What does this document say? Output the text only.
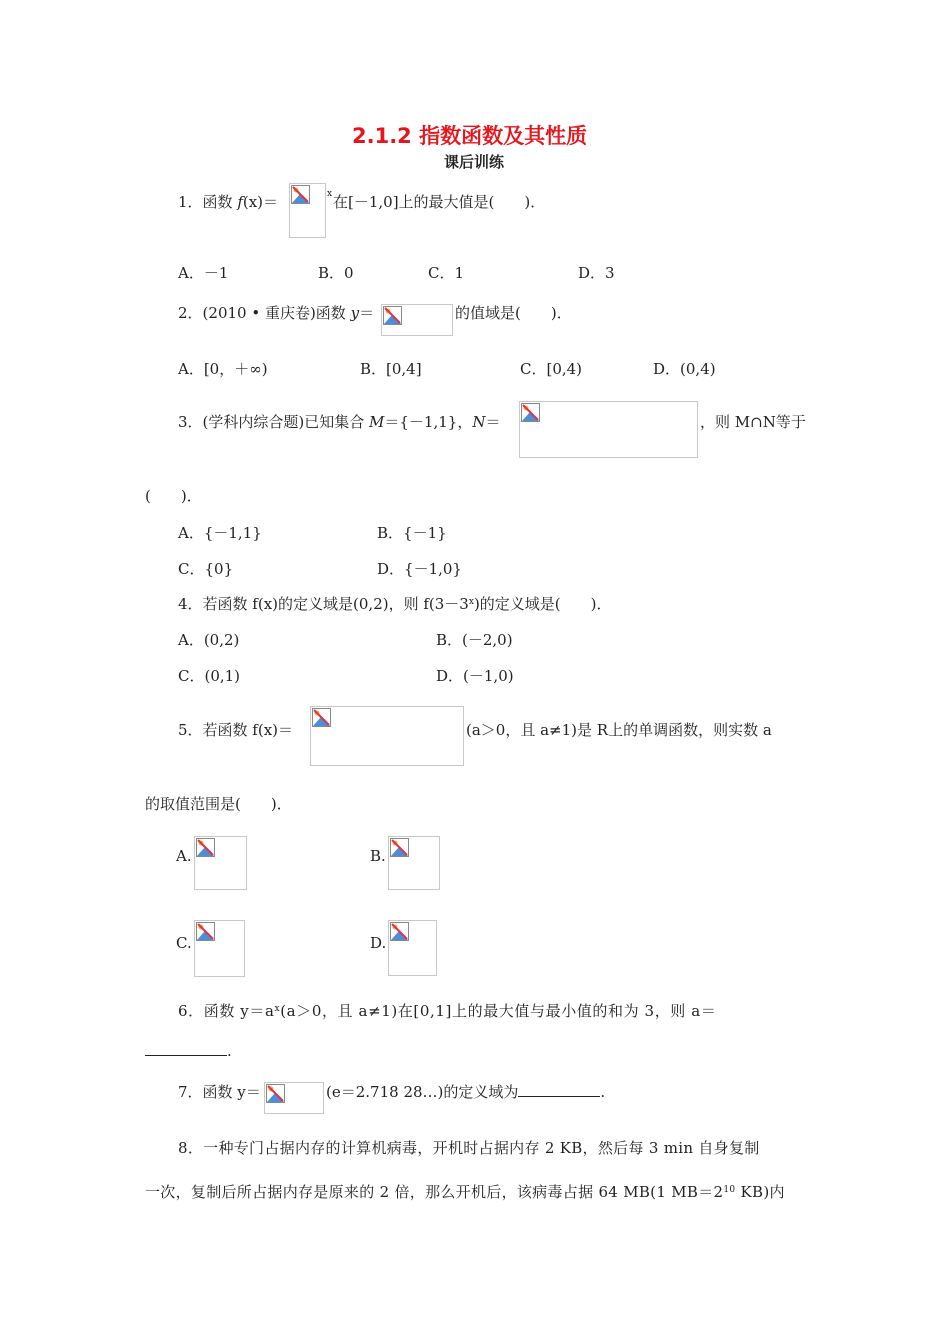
2.1.2 指数函数及其性质
课后训练
1．函数 f(x)＝	x 在[－1,0]上的最大值是(　　)．
A．－1	B．0	C．1	D．3
2．(2010 • 重庆卷)函数 y＝	的值域是(　　)．
A．[0，＋∞)	B．[0,4]	C．[0,4)	D．(0,4)
3．(学科内综合题)已知集合 M＝{－1,1}，N＝	，则 M∩N等于
(　　)．
A．{－1,1}	B．{－1}
C．{0}	D．{－1,0}
4．若函数 f(x)的定义域是(0,2)，则 $f(3-3^x)$的定义域是(　　)．
A．(0,2)	B．(－2,0)
C．(0,1)	D．(－1,0)
5．若函数 f(x)＝	(a＞0，且 a≠1)是 R上的单调函数，则实数 a
的取值范围是(　　)．
A.	B.
C.	D.
6．函数 $y=a^x(a>0$，且 a≠1)在[0,1]上的最大值与最小值的和为 3，则 a＝
.
7．函数 y＝	(e＝2.718 28…)的定义域为	.
8．一种专门占据内存的计算机病毒，开机时占据内存 2 KB，然后每 3 min 自身复制
一次，复制后所占据内存是原来的 2 倍，那么开机后，该病毒占据 64 MB(1 $MB=2^{10}$ KB)内
